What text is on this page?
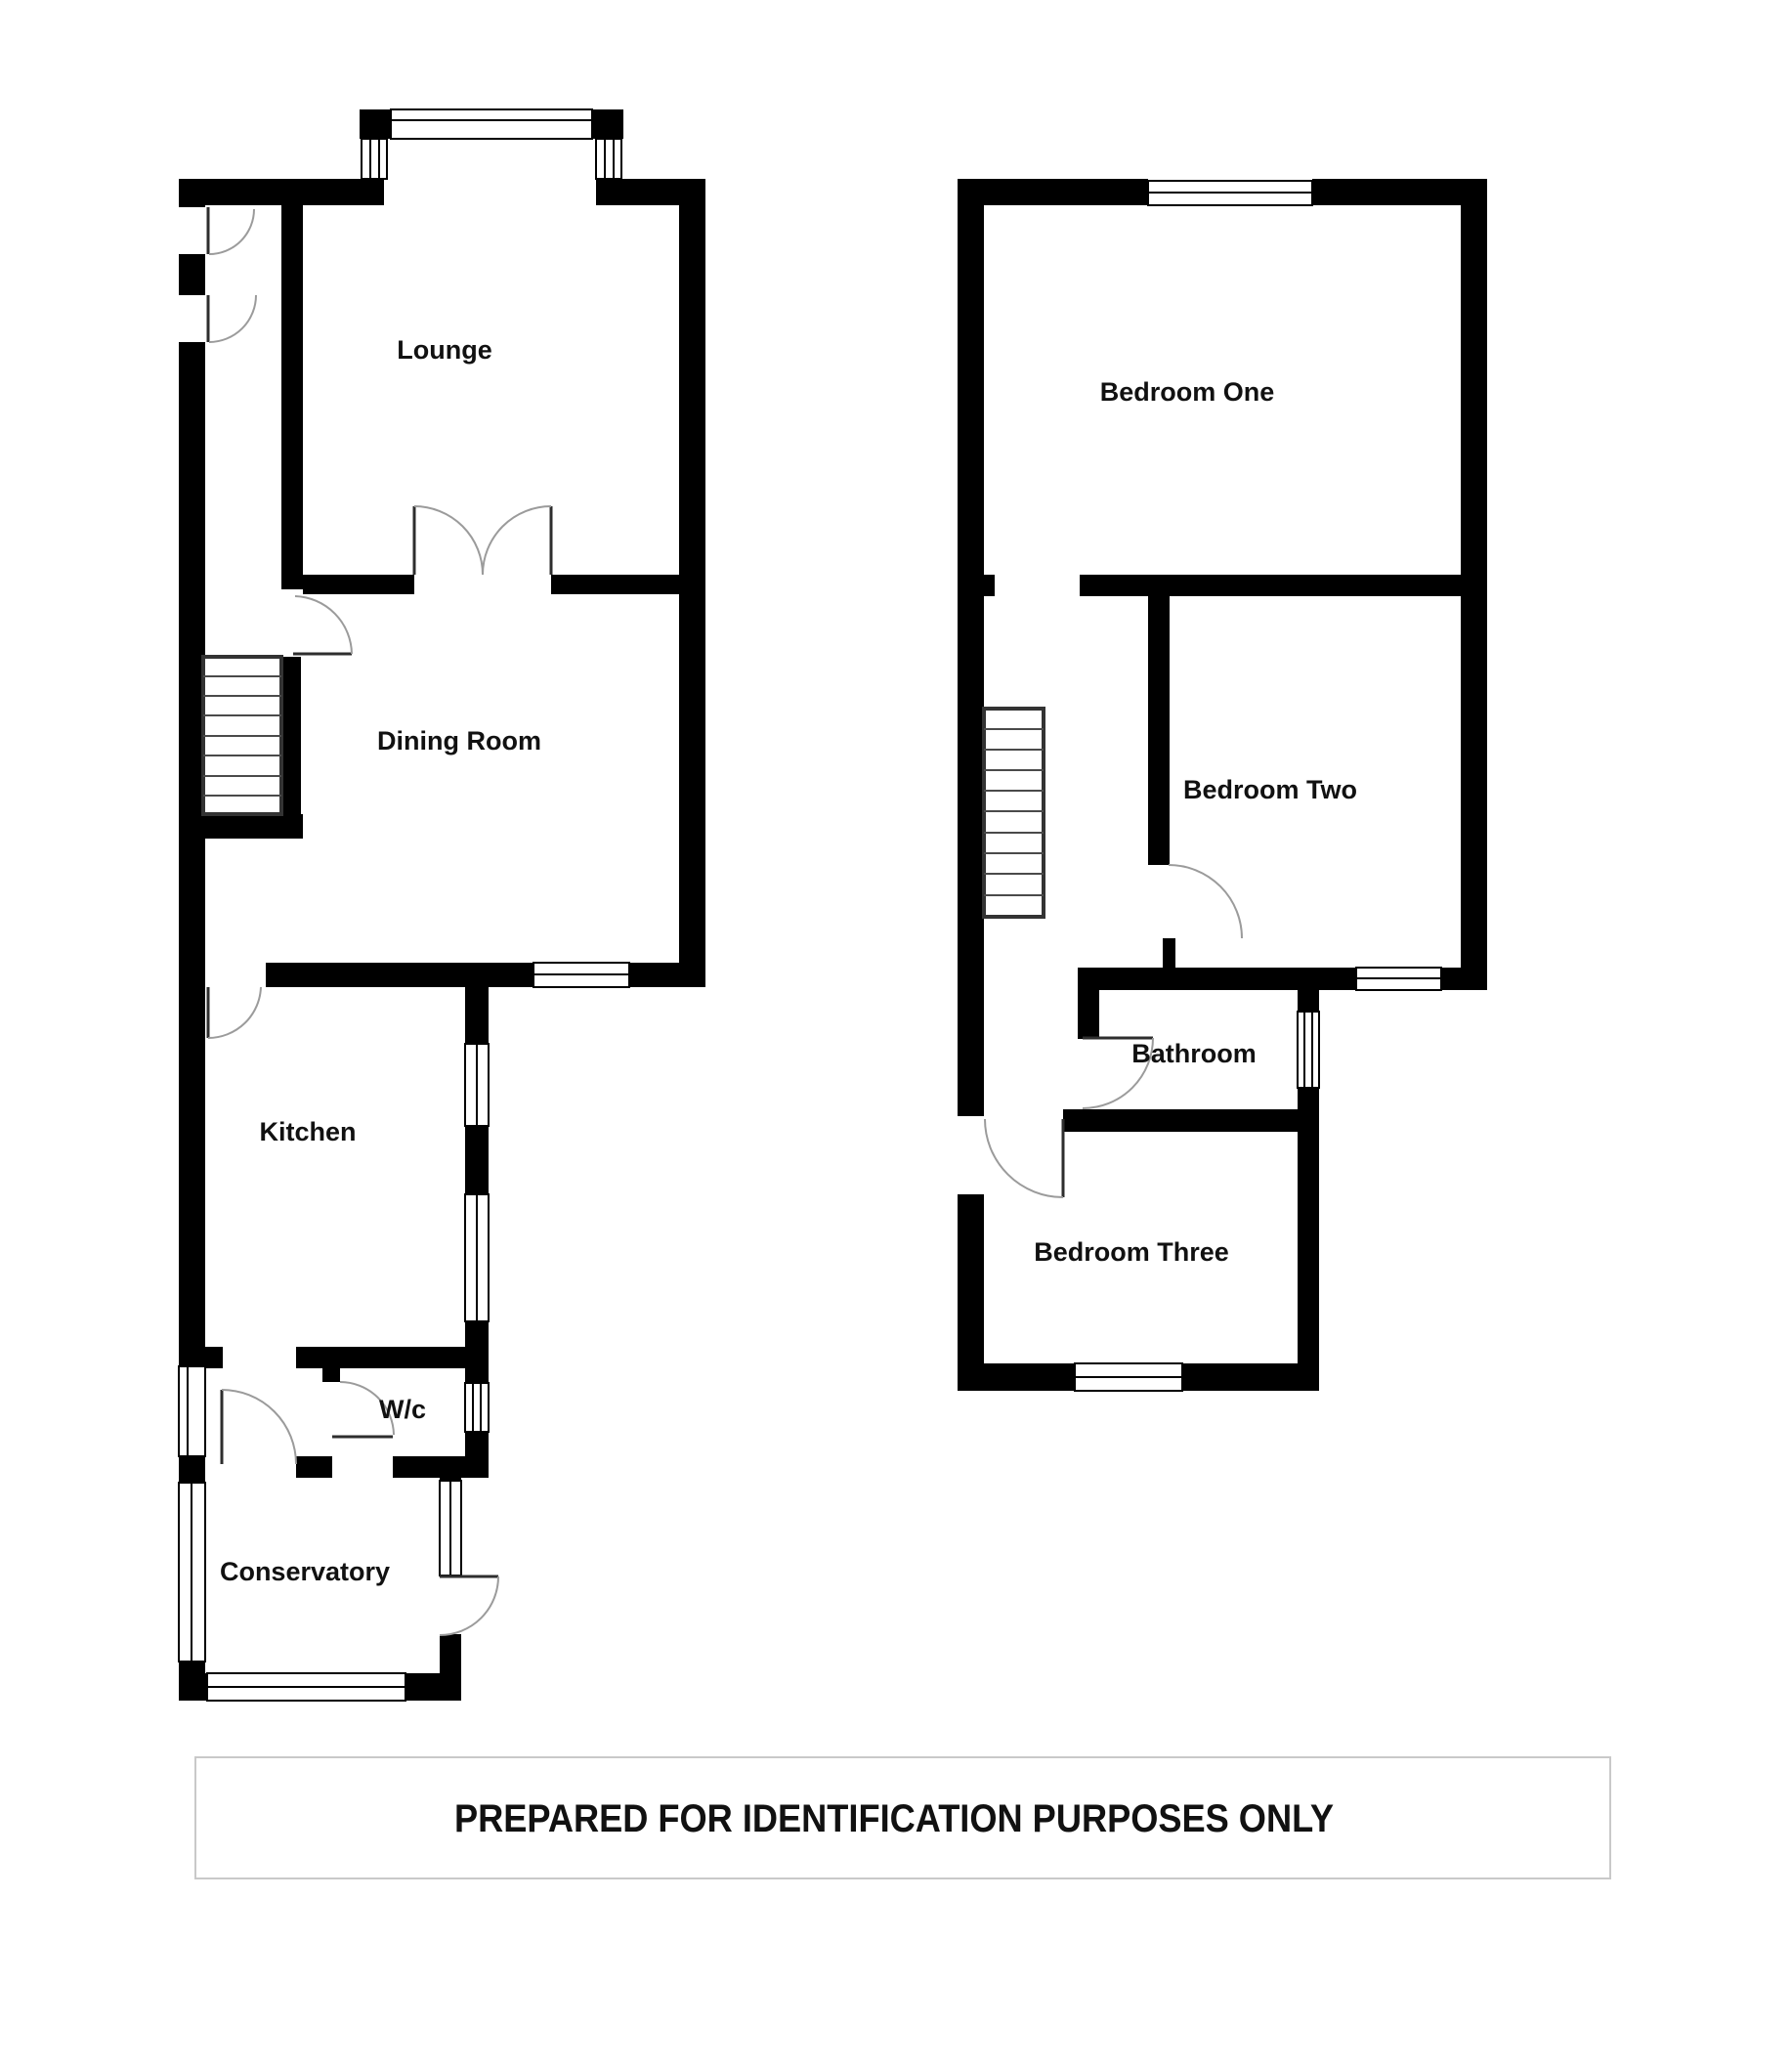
Lounge
Dining Room
Kitchen
W/c
Conservatory
Bedroom One
Bedroom Two
Bathroom
Bedroom Three
PREPARED FOR IDENTIFICATION PURPOSES ONLY
